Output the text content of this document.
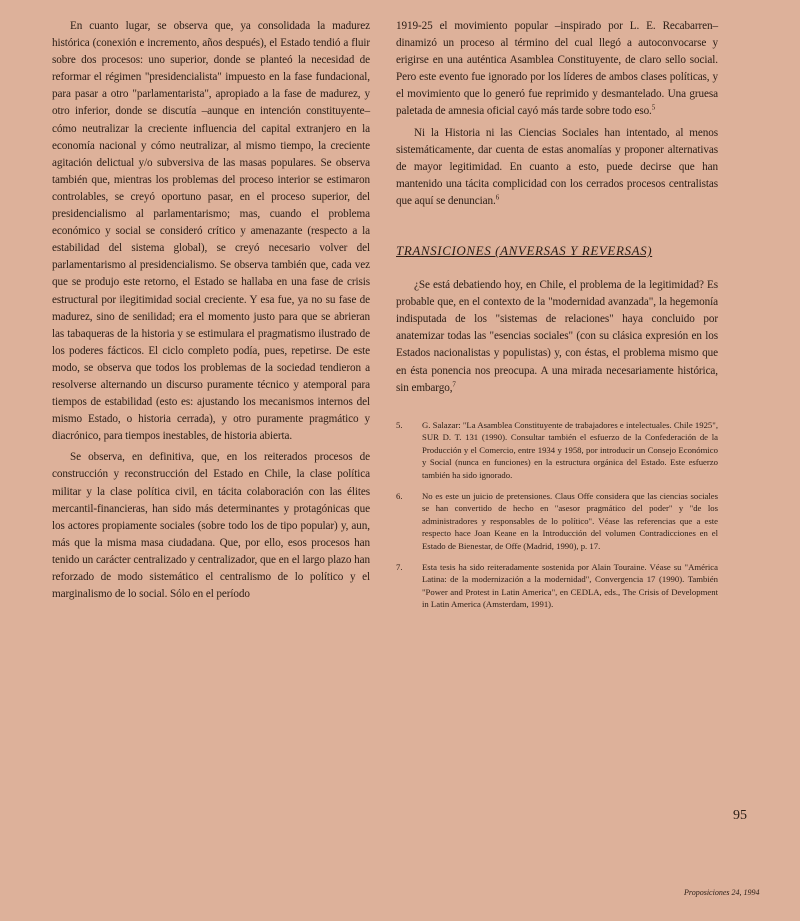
En cuanto lugar, se observa que, ya consolidada la madurez histórica (conexión e incremento, años después), el Estado tendió a fluir sobre dos procesos: uno superior, donde se planteó la necesidad de reformar el régimen "presidencialista" impuesto en la fase fundacional, para pasar a otro "parlamentarista", apropiado a la fase de madurez, y otro inferior, donde se discutía –aunque en intención constituyente– cómo neutralizar la creciente influencia del capital extranjero en la economía nacional y cómo neutralizar, al mismo tiempo, la creciente agitación delictual y/o subversiva de las masas populares. Se observa también que, mientras los problemas del proceso interior se estimaron controlables, se creyó oportuno pasar, en el proceso superior, del presidencialismo al parlamentarismo; mas, cuando el problema económico y social se consideró crítico y amenazante (respecto a la estabilidad del sistema global), se creyó necesario volver del parlamentarismo al presidencialismo. Se observa también que, cada vez que se produjo este retorno, el Estado se hallaba en una fase de crisis estructural por ilegitimidad social creciente. Y esa fue, ya no su fase de madurez, sino de senilidad; era el momento justo para que se abrieran las tabaqueras de la historia y se estimulara el pragmatismo ilustrado de los poderes fácticos. El ciclo completo podía, pues, repetirse. De este modo, se observa que todos los problemas de la sociedad tendieron a resolverse alternando un discurso puramente técnico y atemporal para tiempos de estabilidad (esto es: ajustando los mecanismos internos del mismo Estado, o historia cerrada), y otro puramente pragmático y diacrónico, para tiempos inestables, de historia abierta.

Se observa, en definitiva, que, en los reiterados procesos de construcción y reconstrucción del Estado en Chile, la clase política militar y la clase política civil, en tácita colaboración con las élites mercantil-financieras, han sido más determinantes y protagónicas que los actores propiamente sociales (sobre todo los de tipo popular) y, aun, más que la misma masa ciudadana. Que, por ello, esos procesos han tenido un carácter centralizado y centralizador, que en el largo plazo han reforzado de modo sistemático el centralismo de lo político y el marginalismo de lo social. Sólo en el período

1919-25 el movimiento popular –inspirado por L. E. Recabarren– dinamizó un proceso al término del cual llegó a autoconvocarse y erigirse en una auténtica Asamblea Constituyente, de claro sello social. Pero este evento fue ignorado por los líderes de ambos clases políticas, y el movimiento que lo generó fue reprimido y desmantelado. Una gruesa paletada de amnesia oficial cayó más tarde sobre todo eso.$^5$

Ni la Historia ni las Ciencias Sociales han intentado, al menos sistemáticamente, dar cuenta de estas anomalías y proponer alternativas de mayor legitimidad. En cuanto a esto, puede decirse que han mantenido una tácita complicidad con los cerrados procesos centralistas que aquí se denuncian.$^6$

TRANSICIONES (ANVERSAS Y REVERSAS)

¿Se está debatiendo hoy, en Chile, el problema de la legitimidad? Es probable que, en el contexto de la "modernidad avanzada", la hegemonía indisputada de los "sistemas de relaciones" haya concluido por anatemizar todas las "esencias sociales" (con su clásica expresión en los Estados nacionalistas y populistas) y, con éstas, el problema mismo que en ésta ponencia nos preocupa. A una mirada necesariamente histórica, sin embargo,$^7$

5.	G. Salazar: "La Asamblea Constituyente de trabajadores e intelectuales. Chile 1925", SUR D. T. 131 (1990). Consultar también el esfuerzo de la Confederación de la Producción y el Comercio, entre 1934 y 1958, por introducir un Consejo Económico y Social (nunca en funciones) en la estructura orgánica del Estado. Este esfuerzo también ha sido ignorado.
6.	No es este un juicio de pretensiones. Claus Offe considera que las ciencias sociales se han convertido de hecho en "asesor pragmático del poder" y "de los administradores y responsables de lo político". Véase las referencias que a este respecto hace Joan Keane en la Introducción del volumen Contradicciones en el Estado de Bienestar, de Offe (Madrid, 1990), p. 17.
7.	Esta tesis ha sido reiteradamente sostenida por Alain Touraine. Véase su "América Latina: de la modernización a la modernidad", Convergencia 17 (1990). También "Power and Protest in Latin America", en CEDLA, eds., The Crisis of Development in Latin America (Amsterdam, 1991).
95
Proposiciones 24, 1994
